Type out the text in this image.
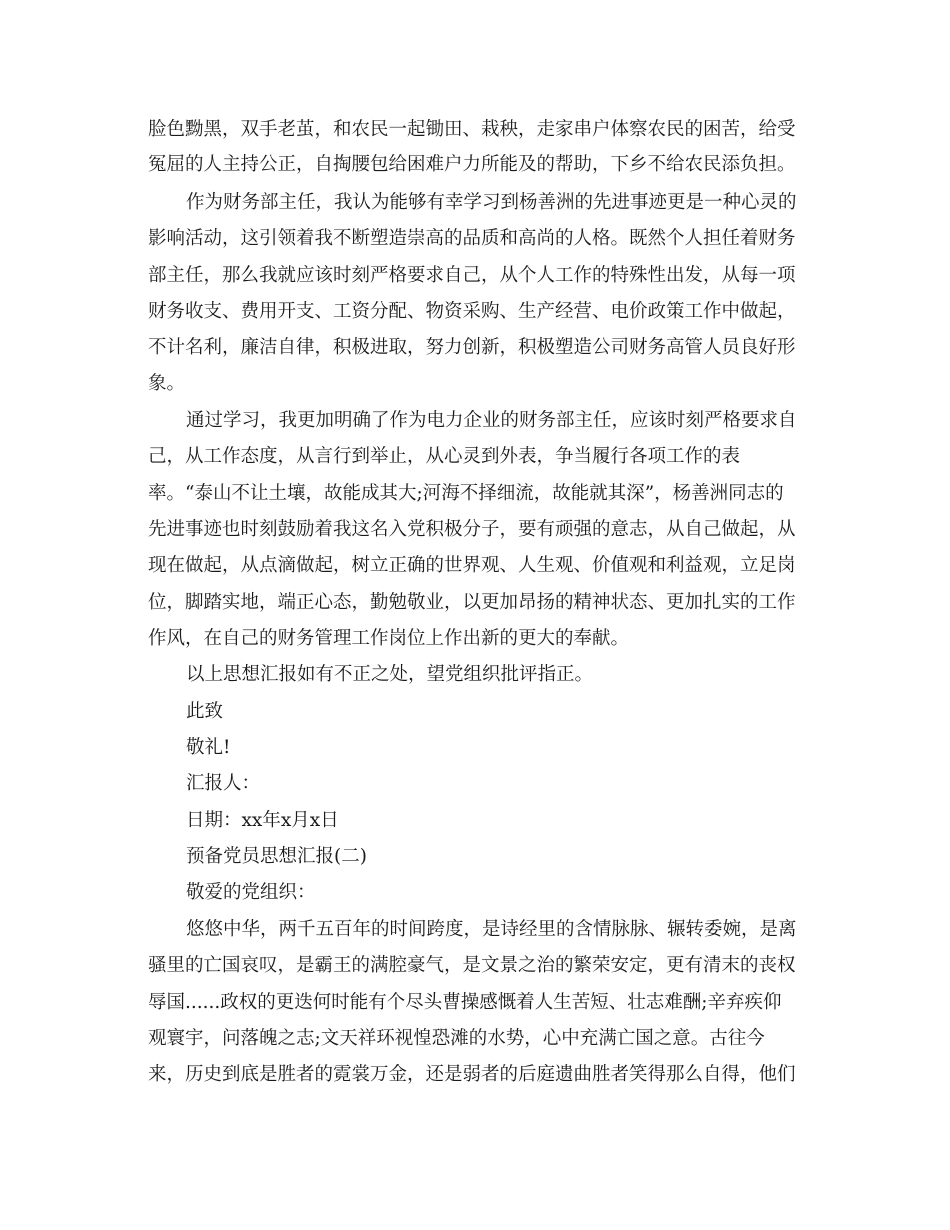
脸色黝黑，双手老茧，和农民一起锄田、栽秧，走家串户体察农民的困苦，给受
冤屈的人主持公正，自掏腰包给困难户力所能及的帮助，下乡不给农民添负担。
作为财务部主任，我认为能够有幸学习到杨善洲的先进事迹更是一种心灵的
影响活动，这引领着我不断塑造崇高的品质和高尚的人格。既然个人担任着财务
部主任，那么我就应该时刻严格要求自己，从个人工作的特殊性出发，从每一项
财务收支、费用开支、工资分配、物资采购、生产经营、电价政策工作中做起，
不计名利，廉洁自律，积极进取，努力创新，积极塑造公司财务高管人员良好形
象。
通过学习，我更加明确了作为电力企业的财务部主任，应该时刻严格要求自
己，从工作态度，从言行到举止，从心灵到外表，争当履行各项工作的表
率。“泰山不让土壤，故能成其大;河海不择细流，故能就其深”，杨善洲同志的
先进事迹也时刻鼓励着我这名入党积极分子，要有顽强的意志，从自己做起，从
现在做起，从点滴做起，树立正确的世界观、人生观、价值观和利益观，立足岗
位，脚踏实地，端正心态，勤勉敬业，以更加昂扬的精神状态、更加扎实的工作
作风，在自己的财务管理工作岗位上作出新的更大的奉献。
以上思想汇报如有不正之处，望党组织批评指正。
此致
敬礼!
汇报人：
日期：xx年x月x日
预备党员思想汇报(二)
敬爱的党组织：
悠悠中华，两千五百年的时间跨度，是诗经里的含情脉脉、辗转委婉，是离
骚里的亡国哀叹，是霸王的满腔豪气，是文景之治的繁荣安定，更有清末的丧权
辱国......政权的更迭何时能有个尽头曹操感慨着人生苦短、壮志难酬;辛弃疾仰
观寰宇，问落魄之志;文天祥环视惶恐滩的水势，心中充满亡国之意。古往今
来，历史到底是胜者的霓裳万金，还是弱者的后庭遗曲胜者笑得那么自得，他们
